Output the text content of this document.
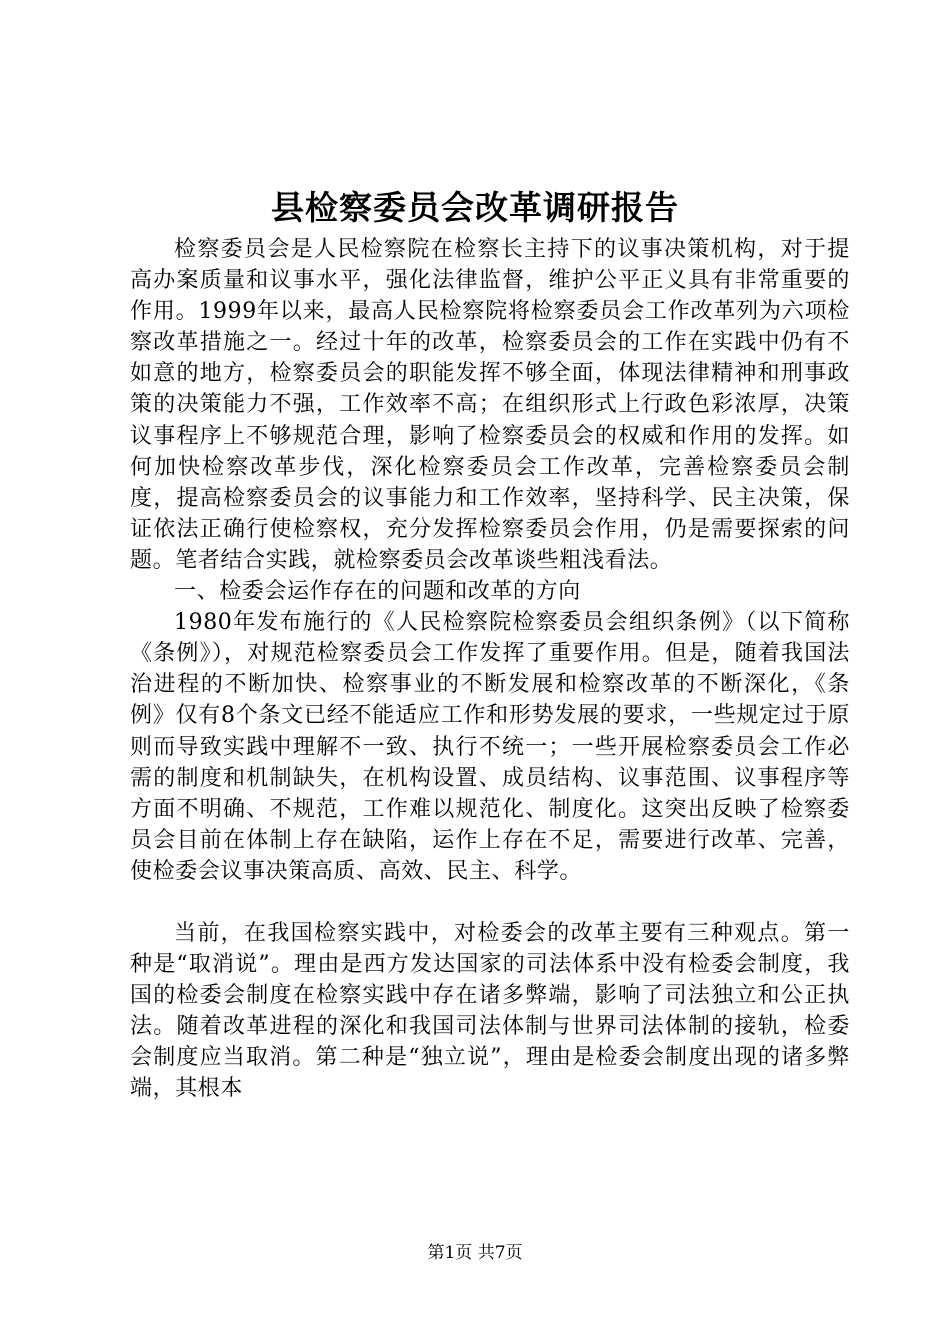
县检察委员会改革调研报告

检察委员会是人民检察院在检察长主持下的议事决策机构，对于提高办案质量和议事水平，强化法律监督，维护公平正义具有非常重要的作用。1999年以来，最高人民检察院将检察委员会工作改革列为六项检察改革措施之一。经过十年的改革，检察委员会的工作在实践中仍有不如意的地方，检察委员会的职能发挥不够全面，体现法律精神和刑事政策的决策能力不强，工作效率不高；在组织形式上行政色彩浓厚，决策议事程序上不够规范合理，影响了检察委员会的权威和作用的发挥。如何加快检察改革步伐，深化检察委员会工作改革，完善检察委员会制度，提高检察委员会的议事能力和工作效率，坚持科学、民主决策，保证依法正确行使检察权，充分发挥检察委员会作用，仍是需要探索的问题。笔者结合实践，就检察委员会改革谈些粗浅看法。

一、检委会运作存在的问题和改革的方向

1980年发布施行的《人民检察院检察委员会组织条例》（以下简称《条例》），对规范检察委员会工作发挥了重要作用。但是，随着我国法治进程的不断加快、检察事业的不断发展和检察改革的不断深化，《条例》仅有8个条文已经不能适应工作和形势发展的要求，一些规定过于原则而导致实践中理解不一致、执行不统一；一些开展检察委员会工作必需的制度和机制缺失，在机构设置、成员结构、议事范围、议事程序等方面不明确、不规范，工作难以规范化、制度化。这突出反映了检察委员会目前在体制上存在缺陷，运作上存在不足，需要进行改革、完善，使检委会议事决策高质、高效、民主、科学。

当前，在我国检察实践中，对检委会的改革主要有三种观点。第一种是“取消说”。理由是西方发达国家的司法体系中没有检委会制度，我国的检委会制度在检察实践中存在诸多弊端，影响了司法独立和公正执法。随着改革进程的深化和我国司法体制与世界司法体制的接轨，检委会制度应当取消。第二种是“独立说”，理由是检委会制度出现的诸多弊端，其根本

第1页 共7页
